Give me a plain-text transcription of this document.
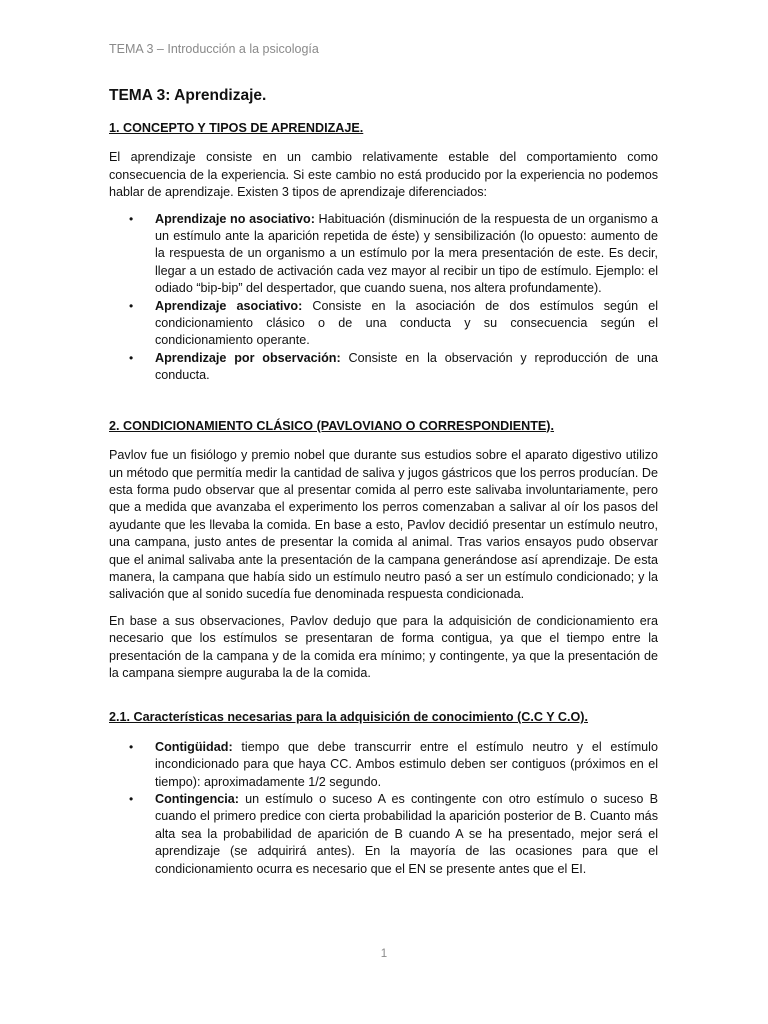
TEMA 3 – Introducción a la psicología
TEMA 3: Aprendizaje.
1. CONCEPTO Y TIPOS DE APRENDIZAJE.

El aprendizaje consiste en un cambio relativamente estable del comportamiento como consecuencia de la experiencia. Si este cambio no está producido por la experiencia no podemos hablar de aprendizaje. Existen 3 tipos de aprendizaje diferenciados:

• Aprendizaje no asociativo: Habituación (disminución de la respuesta de un organismo a un estímulo ante la aparición repetida de éste) y sensibilización (lo opuesto: aumento de la respuesta de un organismo a un estímulo por la mera presentación de este. Es decir, llegar a un estado de activación cada vez mayor al recibir un tipo de estímulo. Ejemplo: el odiado “bip-bip” del despertador, que cuando suena, nos altera profundamente).
• Aprendizaje asociativo: Consiste en la asociación de dos estímulos según el condicionamiento clásico o de una conducta y su consecuencia según el condicionamiento operante.
• Aprendizaje por observación: Consiste en la observación y reproducción de una conducta.
2. CONDICIONAMIENTO CLÁSICO (PAVLOVIANO O CORRESPONDIENTE).

Pavlov fue un fisiólogo y premio nobel que durante sus estudios sobre el aparato digestivo utilizo un método que permitía medir la cantidad de saliva y jugos gástricos que los perros producían. De esta forma pudo observar que al presentar comida al perro este salivaba involuntariamente, pero que a medida que avanzaba el experimento los perros comenzaban a salivar al oír los pasos del ayudante que les llevaba la comida. En base a esto, Pavlov decidió presentar un estímulo neutro, una campana, justo antes de presentar la comida al animal. Tras varios ensayos pudo observar que el animal salivaba ante la presentación de la campana generándose así aprendizaje. De esta manera, la campana que había sido un estímulo neutro pasó a ser un estímulo condicionado; y la salivación que al sonido sucedía fue denominada respuesta condicionada.

En base a sus observaciones, Pavlov dedujo que para la adquisición de condicionamiento era necesario que los estímulos se presentaran de forma contigua, ya que el tiempo entre la presentación de la campana y de la comida era mínimo; y contingente, ya que la presentación de la campana siempre auguraba la de la comida.

2.1. Características necesarias para la adquisición de conocimiento (C.C Y C.O).
• Contigüidad: tiempo que debe transcurrir entre el estímulo neutro y el estímulo incondicionado para que haya CC. Ambos estimulo deben ser contiguos (próximos en el tiempo): aproximadamente 1/2 segundo.
• Contingencia: un estímulo o suceso A es contingente con otro estímulo o suceso B cuando el primero predice con cierta probabilidad la aparición posterior de B. Cuanto más alta sea la probabilidad de aparición de B cuando A se ha presentado, mejor será el aprendizaje (se adquirirá antes). En la mayoría de las ocasiones para que el condicionamiento ocurra es necesario que el EN se presente antes que el EI.
1
